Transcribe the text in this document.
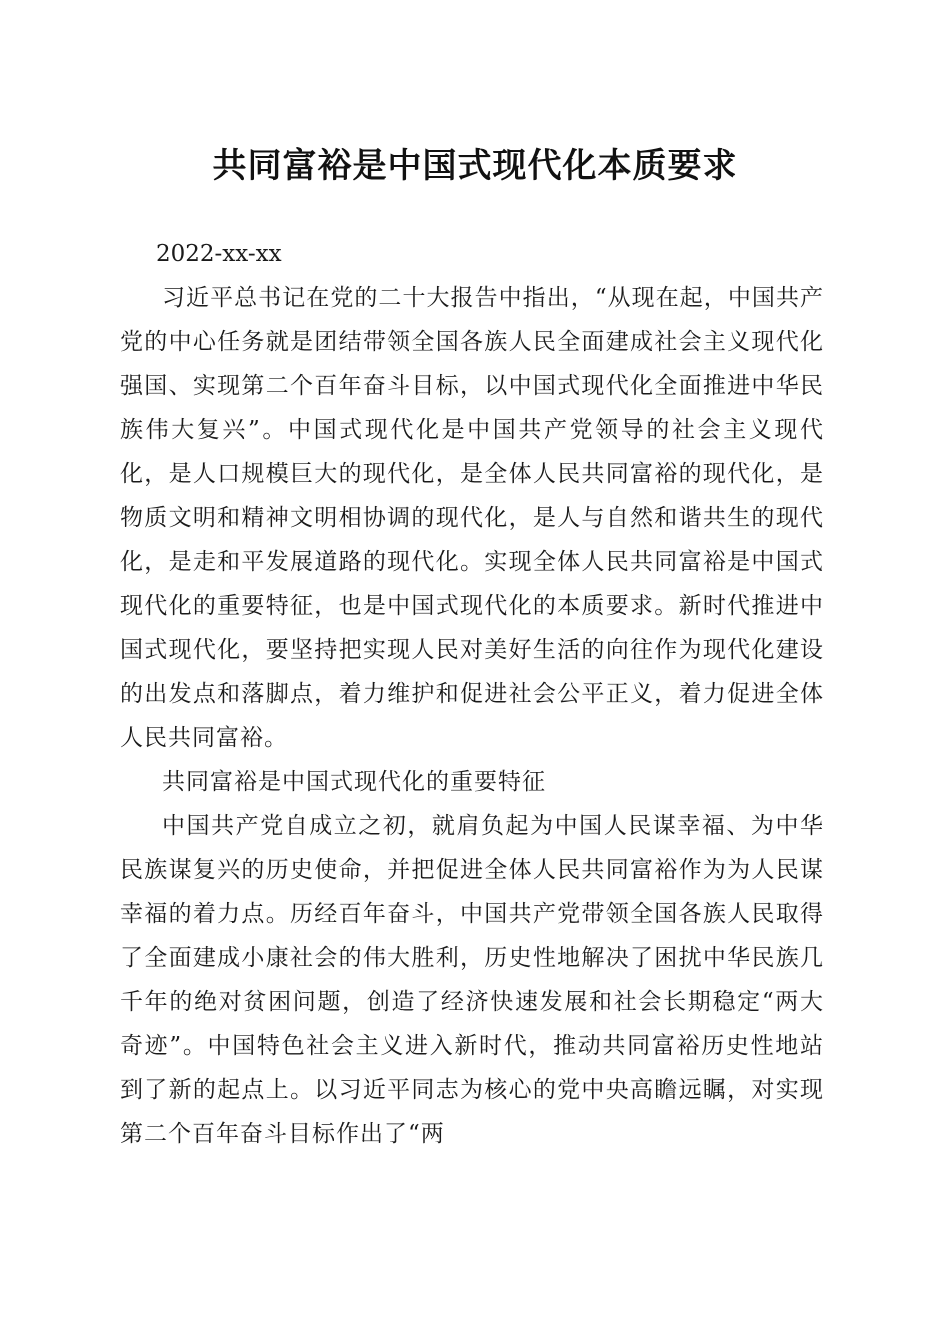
共同富裕是中国式现代化本质要求

2022-xx-xx

习近平总书记在党的二十大报告中指出，“从现在起，中国共产党的中心任务就是团结带领全国各族人民全面建成社会主义现代化强国、实现第二个百年奋斗目标，以中国式现代化全面推进中华民族伟大复兴”。中国式现代化是中国共产党领导的社会主义现代化，是人口规模巨大的现代化，是全体人民共同富裕的现代化，是物质文明和精神文明相协调的现代化，是人与自然和谐共生的现代化，是走和平发展道路的现代化。实现全体人民共同富裕是中国式现代化的重要特征，也是中国式现代化的本质要求。新时代推进中国式现代化，要坚持把实现人民对美好生活的向往作为现代化建设的出发点和落脚点，着力维护和促进社会公平正义，着力促进全体人民共同富裕。

共同富裕是中国式现代化的重要特征

中国共产党自成立之初，就肩负起为中国人民谋幸福、为中华民族谋复兴的历史使命，并把促进全体人民共同富裕作为为人民谋幸福的着力点。历经百年奋斗，中国共产党带领全国各族人民取得了全面建成小康社会的伟大胜利，历史性地解决了困扰中华民族几千年的绝对贫困问题，创造了经济快速发展和社会长期稳定“两大奇迹”。中国特色社会主义进入新时代，推动共同富裕历史性地站到了新的起点上。以习近平同志为核心的党中央高瞻远瞩，对实现第二个百年奋斗目标作出了“两
